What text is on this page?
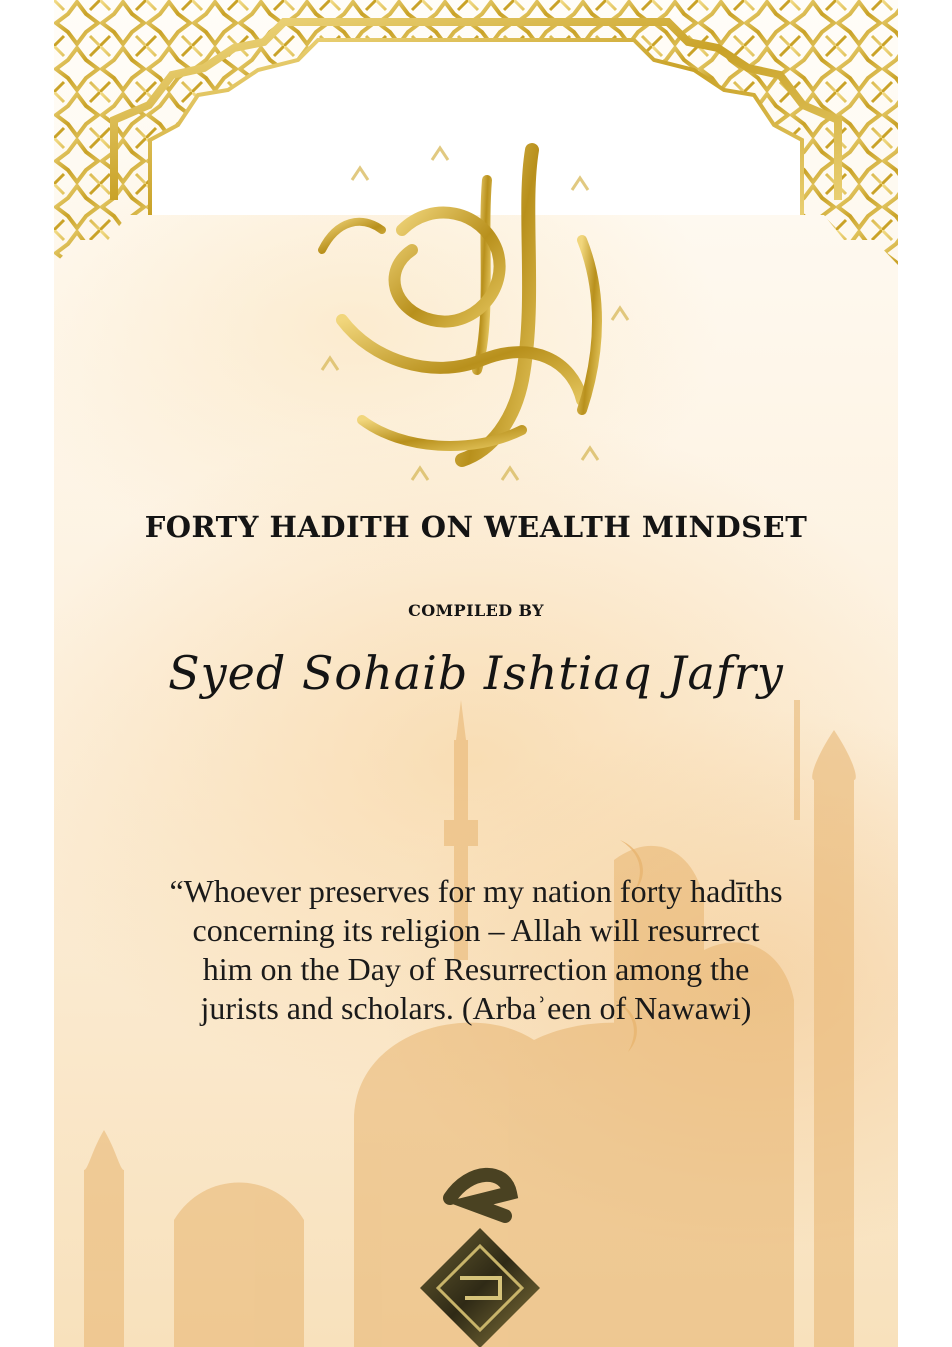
FORTY HADITH ON WEALTH MINDSET
COMPILED BY
Syed Sohaib Ishtiaq Jafry
“Whoever preserves for my nation forty hadīths concerning its religion – Allah will resurrect him on the Day of Resurrection among the jurists and scholars. (Arbaʾeen of Nawawi)
